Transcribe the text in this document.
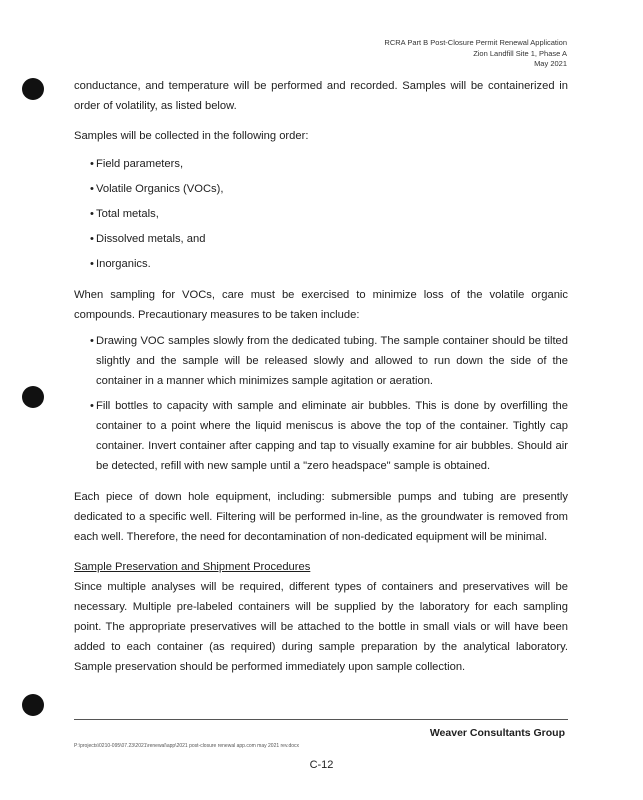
RCRA Part B Post-Closure Permit Renewal Application
Zion Landfill Site 1, Phase A
May 2021

conductance, and temperature will be performed and recorded. Samples will be containerized in order of volatility, as listed below.

Samples will be collected in the following order:

• Field parameters,
• Volatile Organics (VOCs),
• Total metals,
• Dissolved metals, and
• Inorganics.

When sampling for VOCs, care must be exercised to minimize loss of the volatile organic compounds. Precautionary measures to be taken include:

• Drawing VOC samples slowly from the dedicated tubing. The sample container should be tilted slightly and the sample will be released slowly and allowed to run down the side of the container in a manner which minimizes sample agitation or aeration.
• Fill bottles to capacity with sample and eliminate air bubbles. This is done by overfilling the container to a point where the liquid meniscus is above the top of the container. Tightly cap container. Invert container after capping and tap to visually examine for air bubbles. Should air be detected, refill with new sample until a "zero headspace" sample is obtained.

Each piece of down hole equipment, including: submersible pumps and tubing are presently dedicated to a specific well. Filtering will be performed in-line, as the groundwater is removed from each well. Therefore, the need for decontamination of non-dedicated equipment will be minimal.

Sample Preservation and Shipment Procedures

Since multiple analyses will be required, different types of containers and preservatives will be necessary. Multiple pre-labeled containers will be supplied by the laboratory for each sampling point. The appropriate preservatives will be attached to the bottle in small vials or will have been added to each container (as required) during sample preparation by the analytical laboratory. Sample preservation should be performed immediately upon sample collection.

Weaver Consultants Group
P:\projects\0210-095\07.23\2021\renewal\app\2021 post-closure renewal app.com may 2021 rev.docx
C-12
